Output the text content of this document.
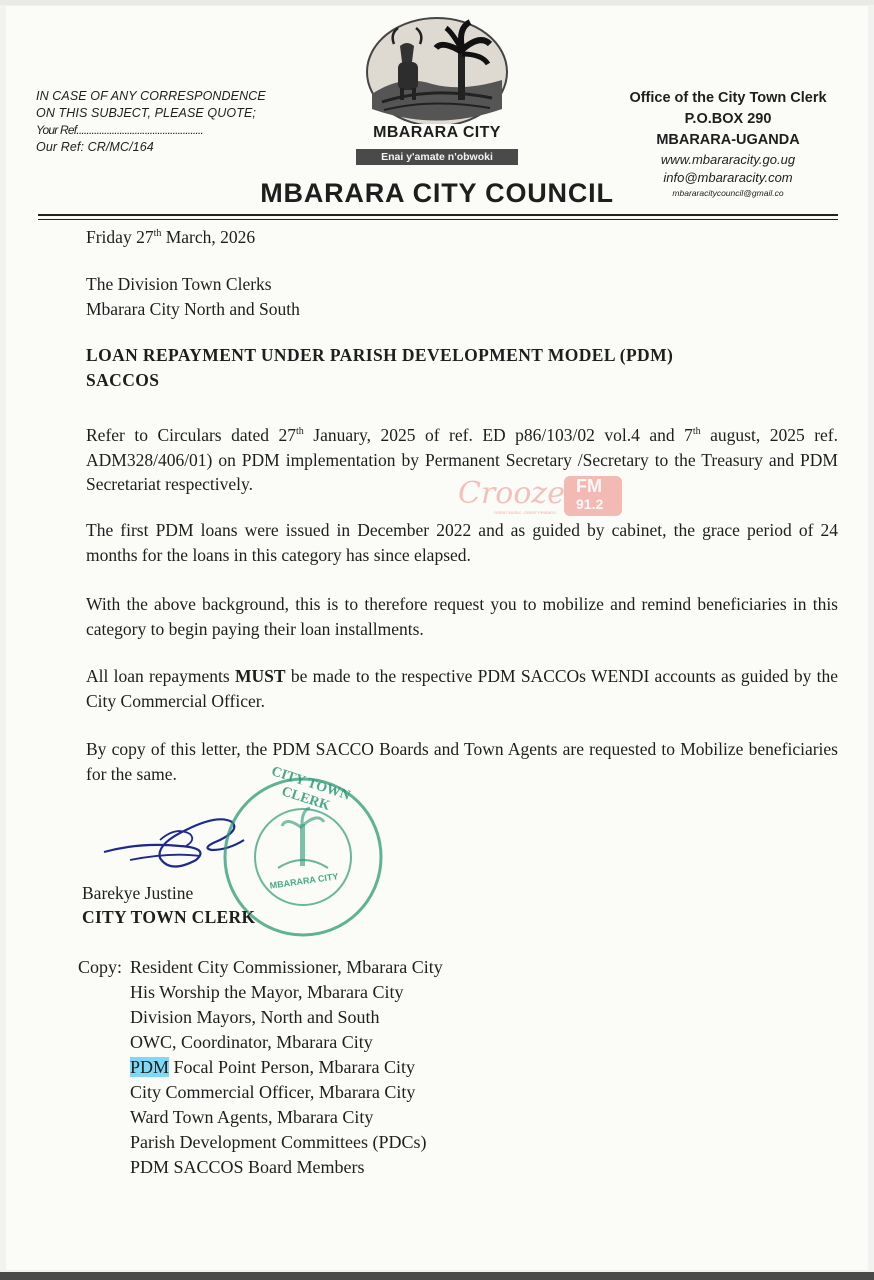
IN CASE OF ANY CORRESPONDENCE
ON THIS SUBJECT, PLEASE QUOTE;
Your Ref..................................................
Our Ref: CR/MC/164
MBARARA CITY
Enai y'amate n'obwoki
Office of the City Town Clerk
P.O.BOX 290
MBARARA-UGANDA
www.mbararacity.go.ug
info@mbararacity.com
mbararacitycouncil@gmail.co
MBARARA CITY COUNCIL
Friday 27th March, 2026
The Division Town Clerks
Mbarara City North and South
LOAN REPAYMENT UNDER PARISH DEVELOPMENT MODEL (PDM)
SACCOS
Refer to Circulars dated 27th January, 2025 of ref. ED p86/103/02 vol.4 and 7th august, 2025 ref. ADM328/406/01) on PDM implementation by Permanent Secretary /Secretary to the Treasury and PDM Secretariat respectively.
The first PDM loans were issued in December 2022 and as guided by cabinet, the grace period of 24 months for the loans in this category has since elapsed.
With the above background, this is to therefore request you to mobilize and remind beneficiaries in this category to begin paying their loan installments.
All loan repayments MUST be made to the respective PDM SACCOs WENDI accounts as guided by the City Commercial Officer.
By copy of this letter, the PDM SACCO Boards and Town Agents are requested to Mobilize beneficiaries for the same.
Crooze FM
91.2
GREAT MUSIC. GREAT FRIENDS.
CITY TOWN CLERK
MBARARA CITY
Barekye Justine
CITY TOWN CLERK
Copy: Resident City Commissioner, Mbarara City
His Worship the Mayor, Mbarara City
Division Mayors, North and South
OWC, Coordinator, Mbarara City
PDM Focal Point Person, Mbarara City
City Commercial Officer, Mbarara City
Ward Town Agents, Mbarara City
Parish Development Committees (PDCs)
PDM SACCOS Board Members
